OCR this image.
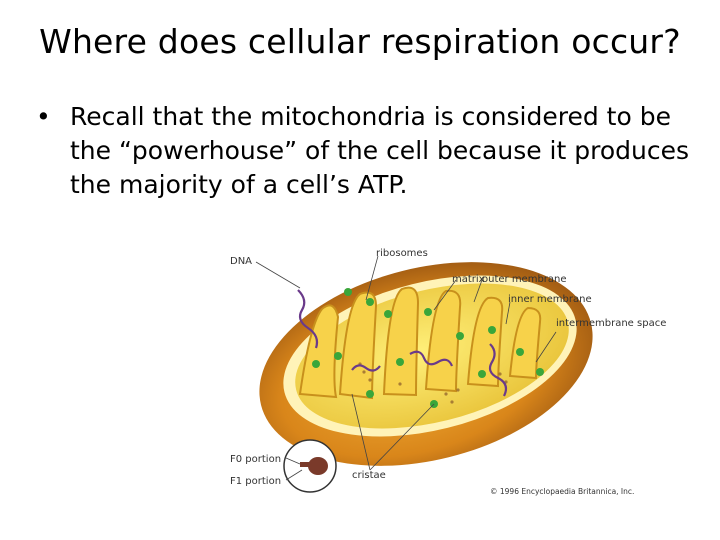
Where does cellular respiration occur?
• Recall that the mitochondria is considered to be the “powerhouse” of the cell because it produces the majority of a cell’s ATP.
DNA
ribosomes
matrix
outer membrane
inner membrane
intermembrane space
F0 portion
F1 portion
cristae
© 1996 Encyclopaedia Britannica, Inc.
